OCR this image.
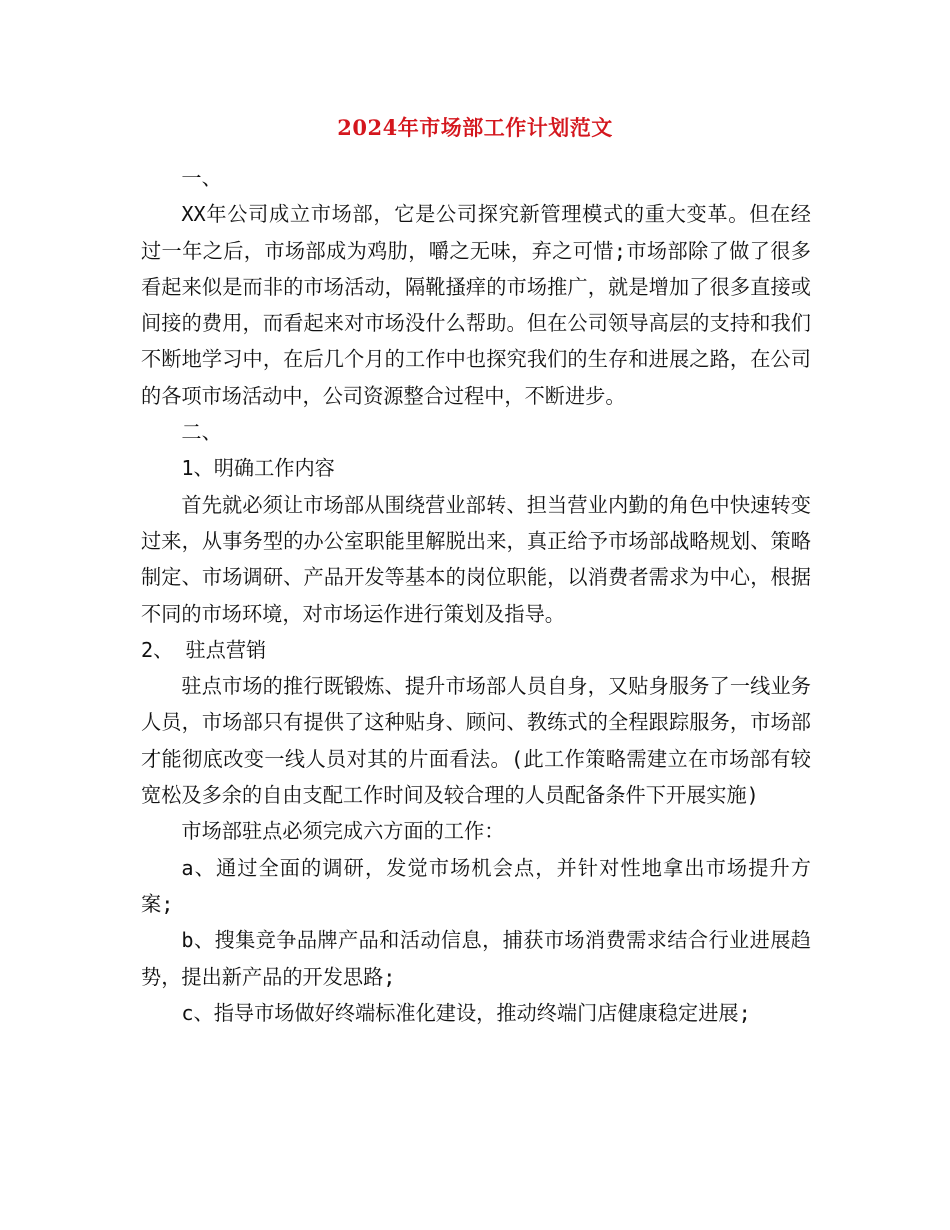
2024年市场部工作计划范文

一、

XX年公司成立市场部，它是公司探究新管理模式的重大变革。但在经过一年之后，市场部成为鸡肋，嚼之无味，弃之可惜;市场部除了做了很多看起来似是而非的市场活动，隔靴搔痒的市场推广，就是增加了很多直接或间接的费用，而看起来对市场没什么帮助。但在公司领导高层的支持和我们不断地学习中，在后几个月的工作中也探究我们的生存和进展之路，在公司的各项市场活动中，公司资源整合过程中，不断进步。

二、

1、明确工作内容

首先就必须让市场部从围绕营业部转、担当营业内勤的角色中快速转变过来，从事务型的办公室职能里解脱出来，真正给予市场部战略规划、策略制定、市场调研、产品开发等基本的岗位职能，以消费者需求为中心，根据不同的市场环境，对市场运作进行策划及指导。

2、 驻点营销

驻点市场的推行既锻炼、提升市场部人员自身，又贴身服务了一线业务人员，市场部只有提供了这种贴身、顾问、教练式的全程跟踪服务，市场部才能彻底改变一线人员对其的片面看法。(此工作策略需建立在市场部有较宽松及多余的自由支配工作时间及较合理的人员配备条件下开展实施)

市场部驻点必须完成六方面的工作：

a、通过全面的调研，发觉市场机会点，并针对性地拿出市场提升方案;

b、搜集竞争品牌产品和活动信息，捕获市场消费需求结合行业进展趋势，提出新产品的开发思路;

c、指导市场做好终端标准化建设，推动终端门店健康稳定进展;
